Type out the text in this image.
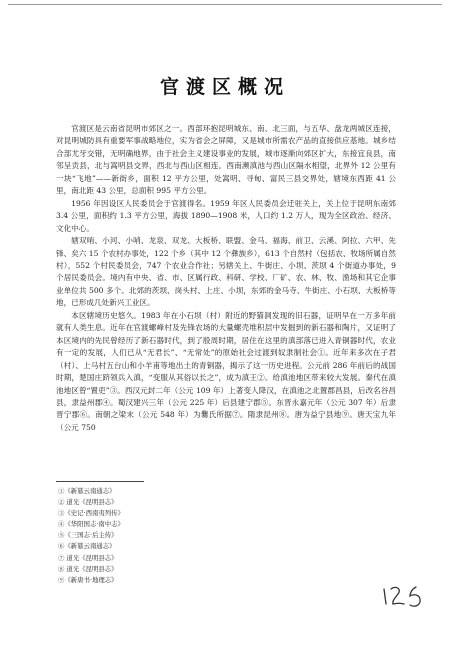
官渡区概况

官渡区是云南省昆明市郊区之一。西部环抱昆明城东、南、北三面，与五华、盘龙两城区连接，对昆明城防具有重要军事战略地位，实为省会之屏障，又是城市所需农产品的直接供应基地。城乡结合部尤牙交错，无明确地界，由于社会主义建设事业的发展，城市逐渐向郊区扩大，东接宜良县，南邻呈贡县，北与嵩明县交界，西北与西山区相连，西南濒滇池与西山区隔水相望，北界外 12 公里有一块“飞地”——新街乡，面积 12 平方公里，处嵩明、寻甸、富民三县交界处，辖境东西距 41 公里，南北距 43 公里，总面积 995 平方公里。

1956 年因设区人民委员会于官渡得名。1959 年区人民委员会迁驻关上，关上位于昆明东南郊 3.4 公里，面积约 1.3 平方公里，海拔 1890—1908 米，人口约 1.2 万人，现为全区政治、经济、文化中心。

辖双哨、小河、小哨、龙泉、双龙、大板桥、联盟、金马、福海、前卫、云溪、阿拉、六甲、先锋、矣六 15 个农村办事处，122 个乡（其中 12 个彝族乡），613 个自然村（包括农、牧场所属自然村），552 个村民委员会，747 个农业合作社；另辖关上、牛街庄、小坝、茨坝 4 个街道办事处，9 个居民委员会。境内有中央、省、市、区属行政、科研、学校、厂矿、农、林、牧、渔场和其它企事业单位共 500 多个。北郊的茨坝、岗头村、上庄、小坝，东郊的金马寺、牛街庄、小石坝、大板桥等地，已形成几处新兴工业区。

本区辖境历史悠久。1983 年在小石坝（村）附近的野猫洞发现的旧石器，证明早在一万多年前就有人类生息。近年在官渡螺峰村及先锋农场的大量螺壳堆积层中发掘到的新石器和陶片，又证明了本区境内的先民曾经历了新石器时代，到了殷周时期，居住在这里的滇部落已进入青铜器时代，农业有一定的发展，人们已从“无君长”、“无常处”的原始社会过渡到奴隶制社会①。近年来多次在子君（村）、上马村五台山和小羊甫等地出土的青铜器，揭示了这一历史进程。公元前 286 年前后的战国时期，楚国庄跻领兵入滇，“变服从其俗以长之”，成为滇王②。给滇池地区带来较大发展。秦代在滇池地区曾“置吏”③。西汉元封二年（公元 109 年）上著变人降汉，在滇池之北置郡昌县，后改名谷昌县，隶益州郡④。蜀汉建兴三年（公元 225 年）后县建宁郡⑤。东晋永嘉元年（公元 307 年）后隶晋宁郡⑥。南朝之梁末（公元 548 年）为爨氏所据⑦。隋隶昆州⑧。唐为益宁县地⑨。唐天宝九年（公元 750

①《新纂云南通志》
② 道光《昆明县志》
③《史记·西南夷列传》
④《华阳国志·南中志》
⑤《三国志·后主传》
⑥《新纂云南通志》
⑦ 道光《昆明县志》
⑧ 道光《昆明县志》
⑨《新唐书·地理志》
